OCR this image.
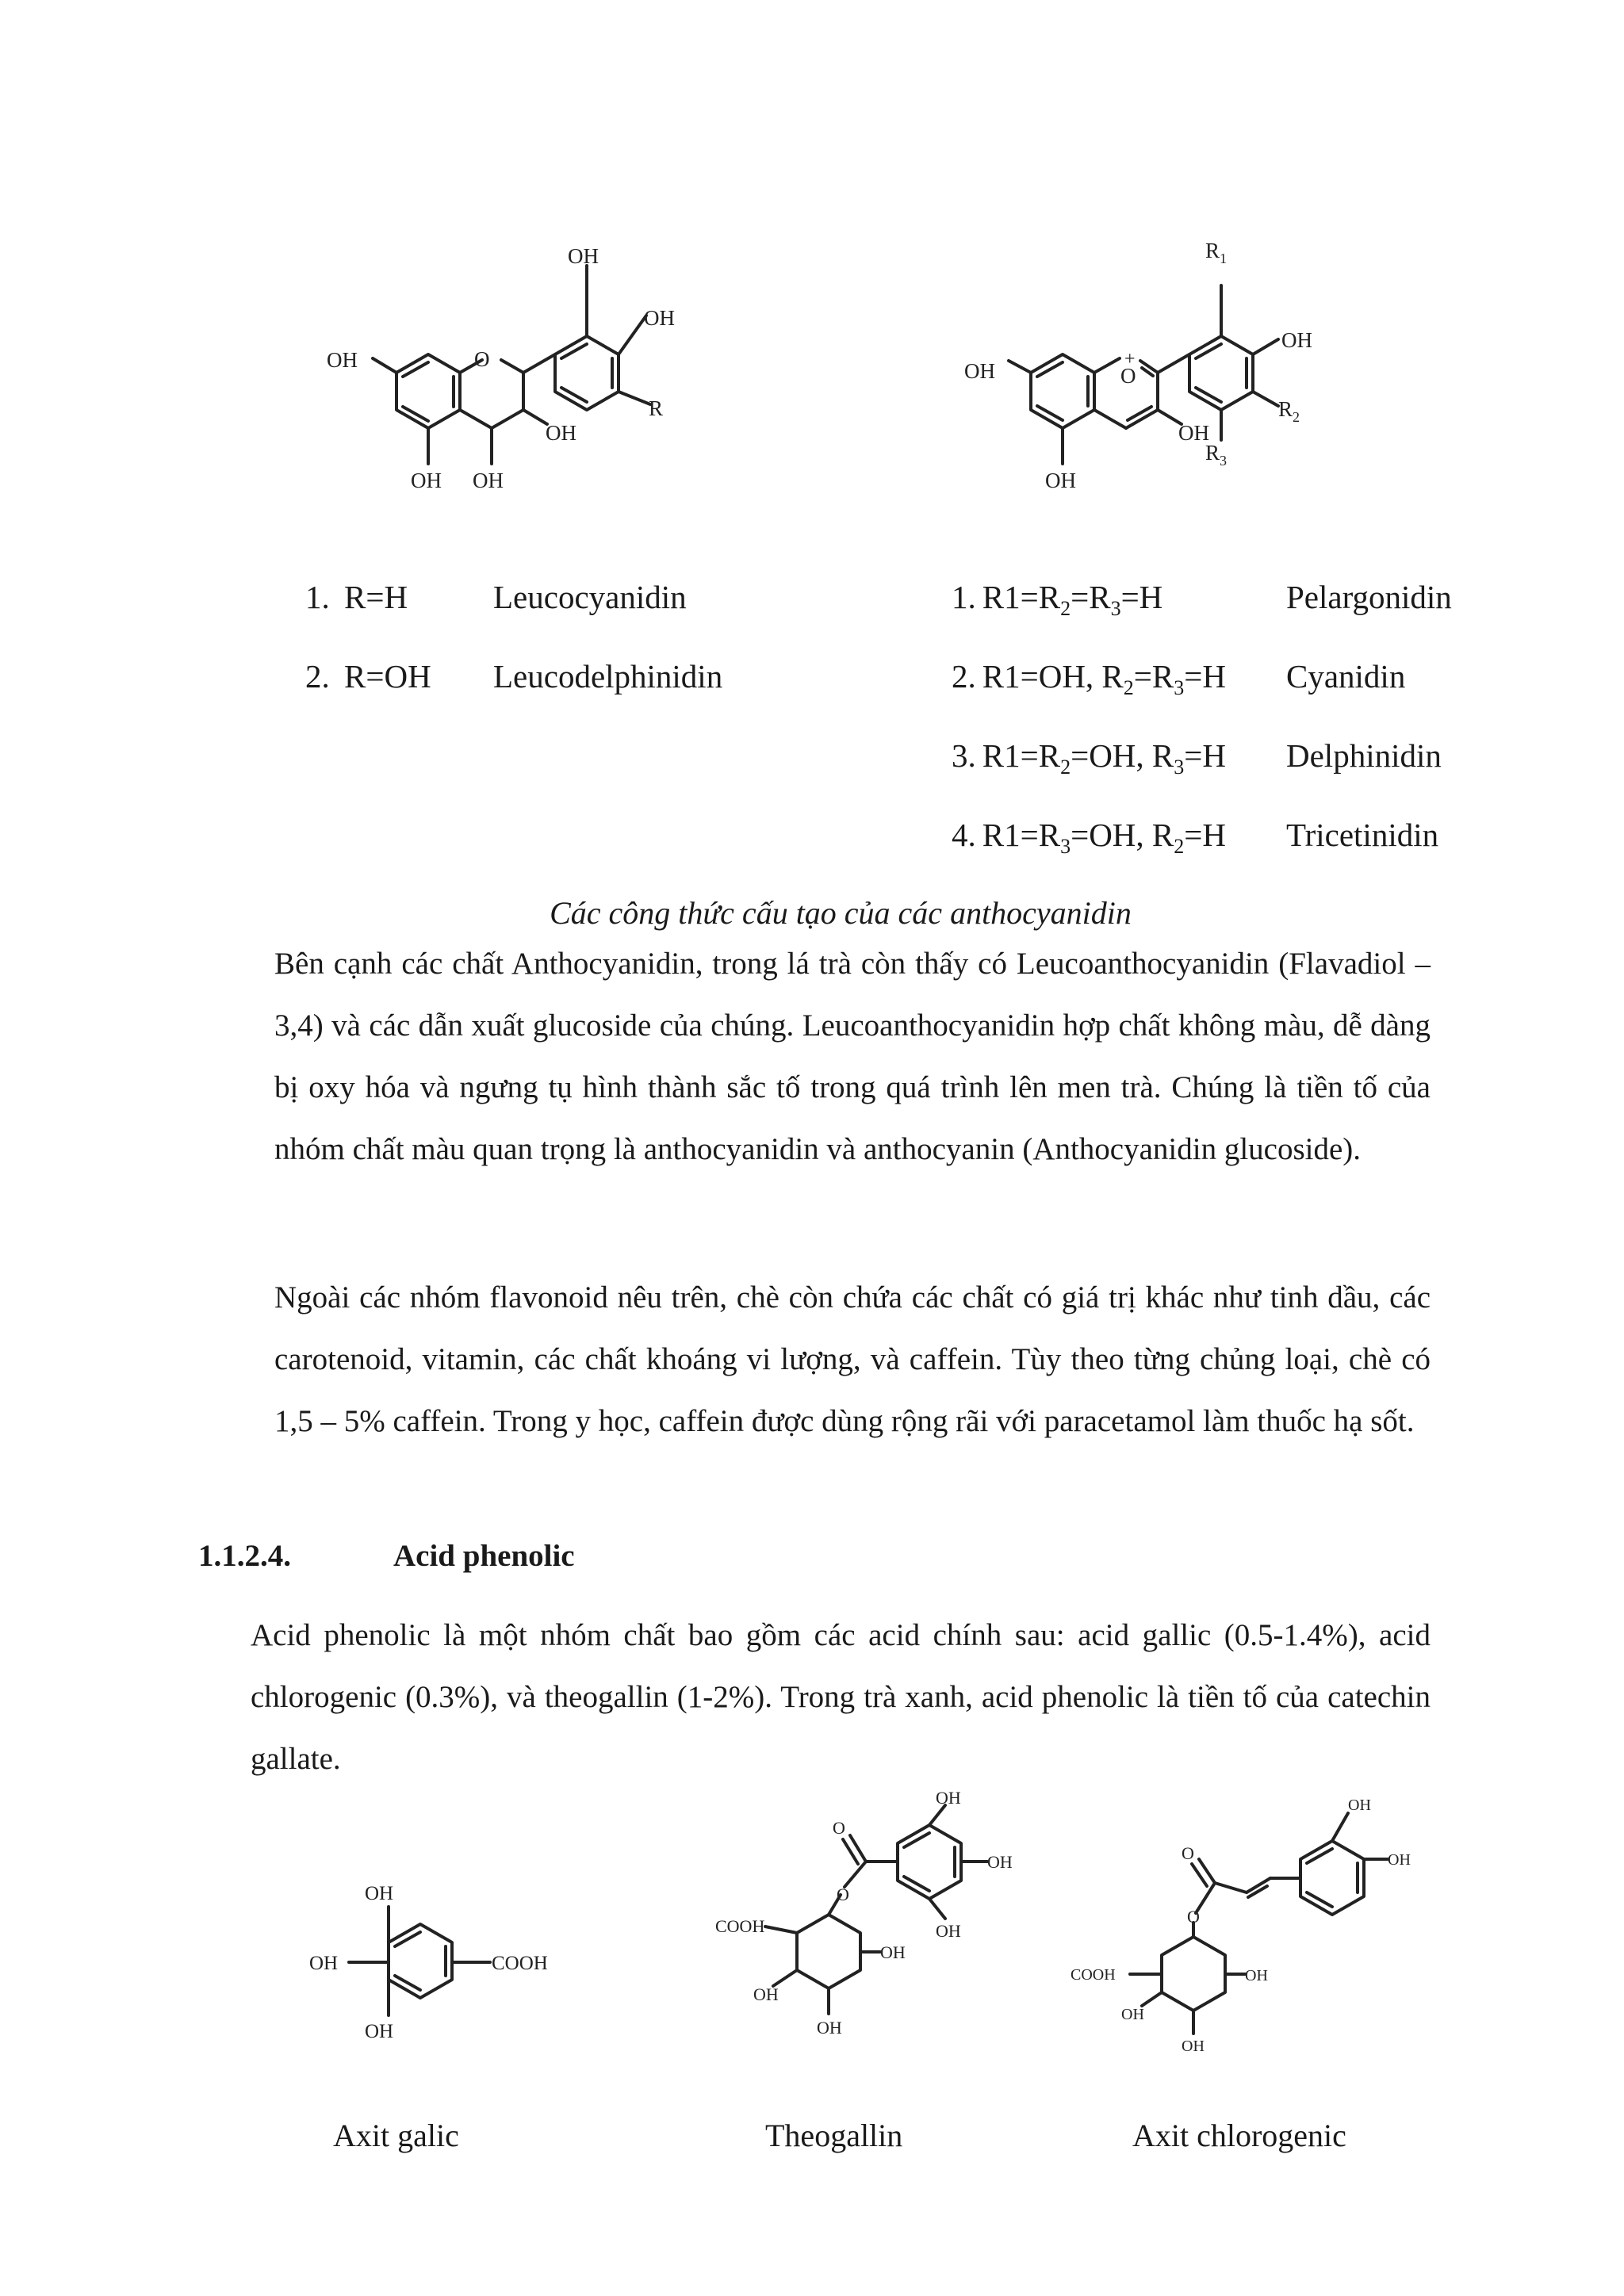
O
OH
OH OH
OH
OH
OH
R
OH	O
+
OH
OH
OH
$R_1$
$R_2$
$R_3$
1. R=H	Leucocyanidin
2. R=OH Leucodelphinidin
1. $R1=R_2=R_3=H$	Pelargonidin
2. R1=OH, $R_2=R_3=H$ Cyanidin
3. $R1=R_2=OH$, $R_3=H$ Delphinidin
4. $R1=R_3=OH$, $R_2=H$ Tricetinidin
Các công thức cấu tạo của các anthocyanidin
Bên cạnh các chất Anthocyanidin, trong lá trà còn thấy có Leucoanthocyanidin (Flavadiol – 3,4) và các dẫn xuất glucoside của chúng. Leucoanthocyanidin hợp chất không màu, dễ dàng bị oxy hóa và ngưng tụ hình thành sắc tố trong quá trình lên men trà. Chúng là tiền tố của nhóm chất màu quan trọng là anthocyanidin và anthocyanin (Anthocyanidin glucoside).
Ngoài các nhóm flavonoid nêu trên, chè còn chứa các chất có giá trị khác như tinh dầu, các carotenoid, vitamin, các chất khoáng vi lượng, và caffein. Tùy theo từng chủng loại, chè có 1,5 – 5% caffein. Trong y học, caffein được dùng rộng rãi với paracetamol làm thuốc hạ sốt.
1.1.2.4.	Acid phenolic
Acid phenolic là một nhóm chất bao gồm các acid chính sau: acid gallic (0.5-1.4%), acid chlorogenic (0.3%), và theogallin (1-2%). Trong trà xanh, acid phenolic là tiền tố của catechin gallate.
OH
OH
OH
COOH
COOH
O
O
OH
OH
OH
OH
OH
OH
O
O
OH
OH
COOH	OH
OH
OH
Axit galic	Theogallin	Axit chlorogenic
